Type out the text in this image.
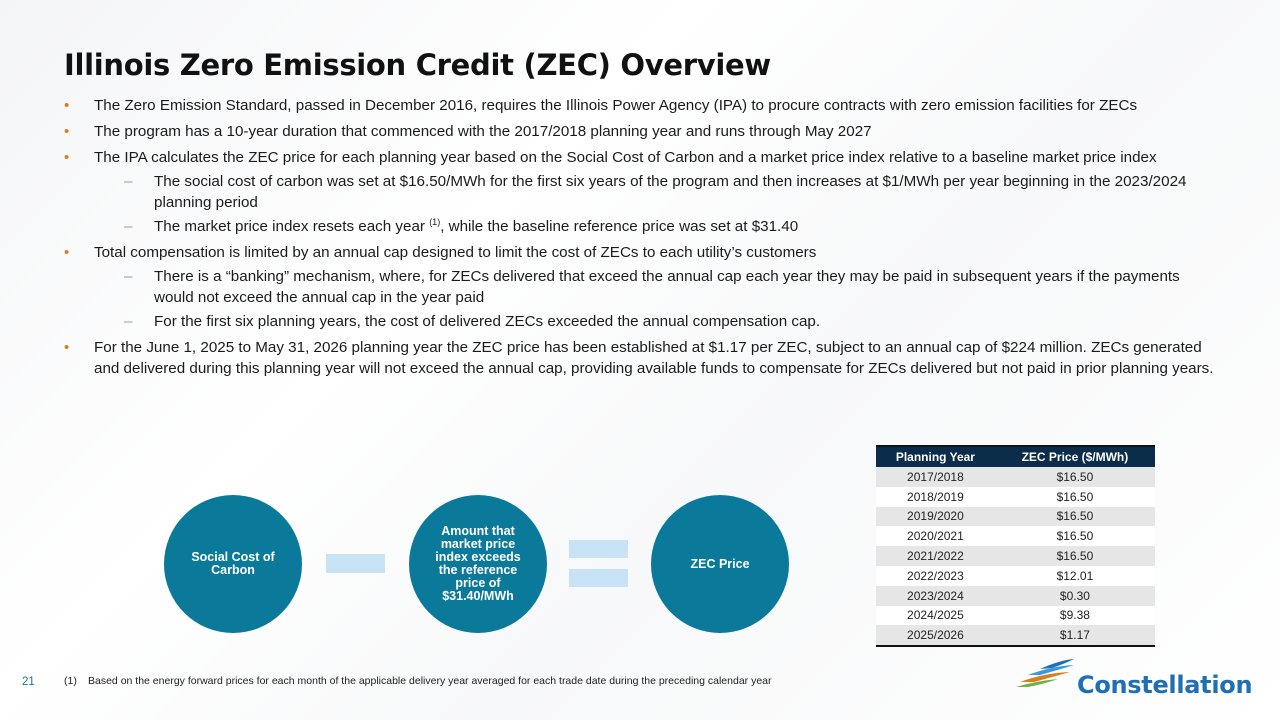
Illinois Zero Emission Credit (ZEC) Overview
• The Zero Emission Standard, passed in December 2016, requires the Illinois Power Agency (IPA) to procure contracts with zero emission facilities for ZECs
• The program has a 10-year duration that commenced with the 2017/2018 planning year and runs through May 2027
• The IPA calculates the ZEC price for each planning year based on the Social Cost of Carbon and a market price index relative to a baseline market price index
– The social cost of carbon was set at $16.50/MWh for the first six years of the program and then increases at $1/MWh per year beginning in the 2023/2024 planning period
– The market price index resets each year $^{(1)}$, while the baseline reference price was set at $31.40
• Total compensation is limited by an annual cap designed to limit the cost of ZECs to each utility’s customers
– There is a “banking” mechanism, where, for ZECs delivered that exceed the annual cap each year they may be paid in subsequent years if the payments would not exceed the annual cap in the year paid
– For the first six planning years, the cost of delivered ZECs exceeded the annual compensation cap.
• For the June 1, 2025 to May 31, 2026 planning year the ZEC price has been established at $1.17 per ZEC, subject to an annual cap of $224 million. ZECs generated and delivered during this planning year will not exceed the annual cap, providing available funds to compensate for ZECs delivered but not paid in prior planning years.
Social Cost of Carbon
Amount that market price index exceeds the reference price of $31.40/MWh
ZEC Price
Planning Year	ZEC Price ($/MWh)
2017/2018	$16.50
2018/2019	$16.50
2019/2020	$16.50
2020/2021	$16.50
2021/2022	$16.50
2022/2023	$12.01
2023/2024	$0.30
2024/2025	$9.38
2025/2026	$1.17
21	(1) Based on the energy forward prices for each month of the applicable delivery year averaged for each trade date during the preceding calendar year	Constellation
